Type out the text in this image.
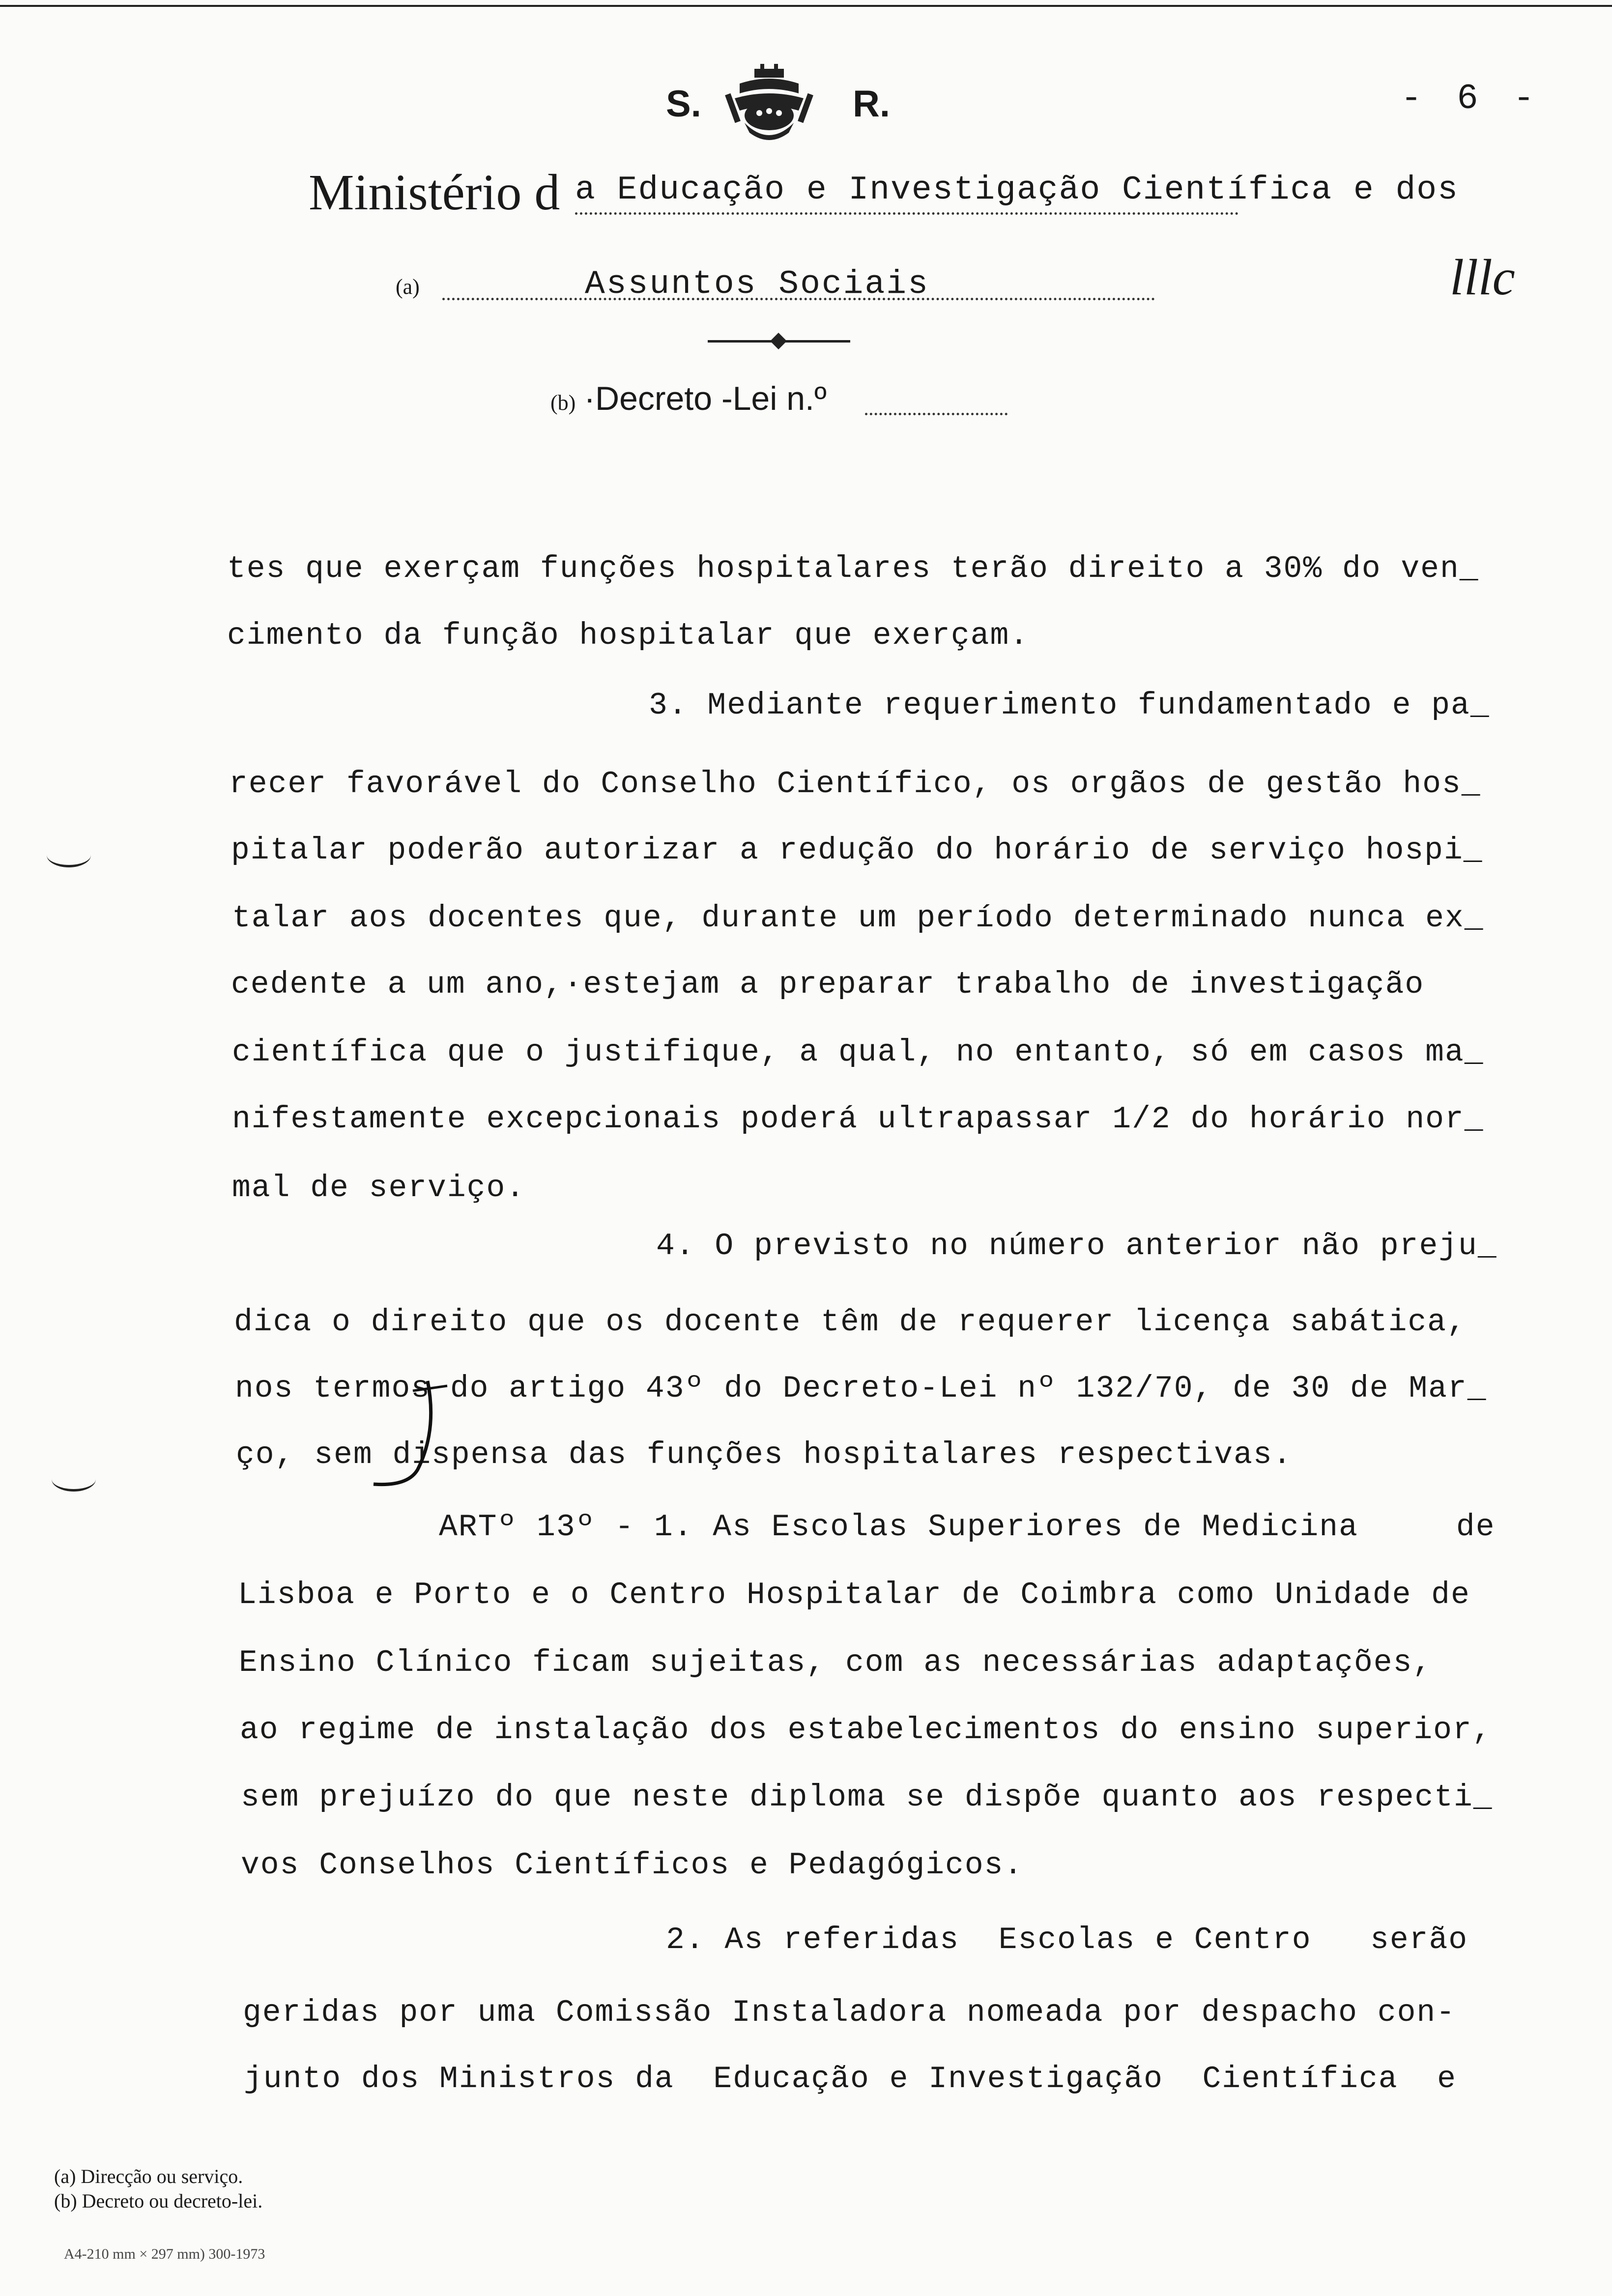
S.	R.	- 6 -
Ministério d a Educação e Investigação Científica e dos
(a)	Assuntos Sociais	lllc
(b) ·Decreto -Lei n.º
tes que exerçam funções hospitalares terão direito a 30% do ven_
cimento da função hospitalar que exerçam.
3. Mediante requerimento fundamentado e pa_
recer favorável do Conselho Científico, os orgãos de gestão hos_
pitalar poderão autorizar a redução do horário de serviço hospi_
talar aos docentes que, durante um período determinado nunca ex_
cedente a um ano,·estejam a preparar trabalho de investigação
científica que o justifique, a qual, no entanto, só em casos ma_
nifestamente excepcionais poderá ultrapassar 1/2 do horário nor_
mal de serviço.
4. O previsto no número anterior não preju_
dica o direito que os docente têm de requerer licença sabática,
nos termos do artigo 43º do Decreto-Lei nº 132/70, de 30 de Mar_
ço, sem dispensa das funções hospitalares respectivas.
ARTº 13º - 1. As Escolas Superiores de Medicina     de
Lisboa e Porto e o Centro Hospitalar de Coimbra como Unidade de
Ensino Clínico ficam sujeitas, com as necessárias adaptações,
ao regime de instalação dos estabelecimentos do ensino superior,
sem prejuízo do que neste diploma se dispõe quanto aos respecti_
vos Conselhos Científicos e Pedagógicos.
2. As referidas  Escolas e Centro   serão
geridas por uma Comissão Instaladora nomeada por despacho con-
junto dos Ministros da  Educação e Investigação  Científica  e
(a) Direcção ou serviço.
(b) Decreto ou decreto-lei.
A4-210 mm × 297 mm) 300-1973
